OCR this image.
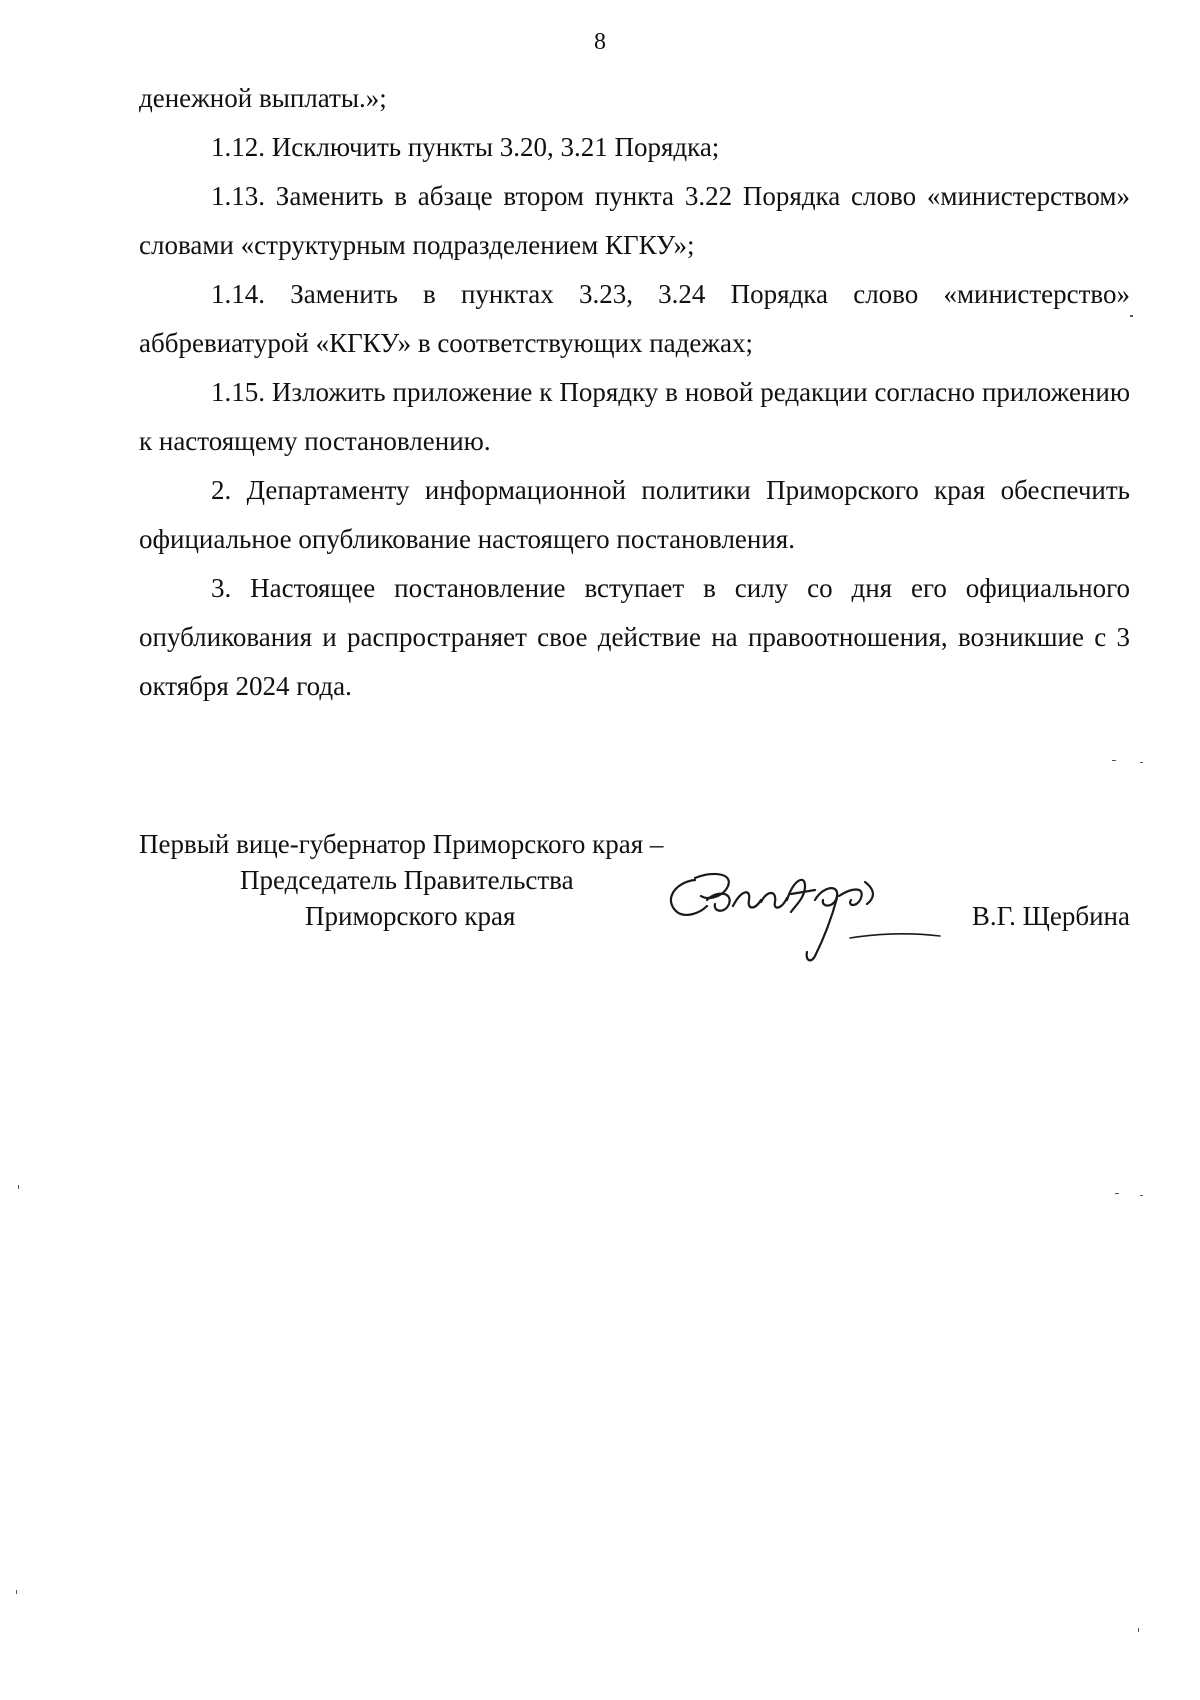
8

денежной выплаты.»;

1.12. Исключить пункты 3.20, 3.21 Порядка;

1.13. Заменить в абзаце втором пункта 3.22 Порядка слово «министерством» словами «структурным подразделением КГКУ»;

1.14. Заменить в пунктах 3.23, 3.24 Порядка слово «министерство» аббревиатурой «КГКУ» в соответствующих падежах;

1.15. Изложить приложение к Порядку в новой редакции согласно приложению к настоящему постановлению.

2. Департаменту информационной политики Приморского края обеспечить официальное опубликование настоящего постановления.

3. Настоящее постановление вступает в силу со дня его официального опубликования и распространяет свое действие на правоотношения, возникшие с 3 октября 2024 года.

Первый вице-губернатор Приморского края –
Председатель Правительства
Приморского края	В.Г. Щербина
